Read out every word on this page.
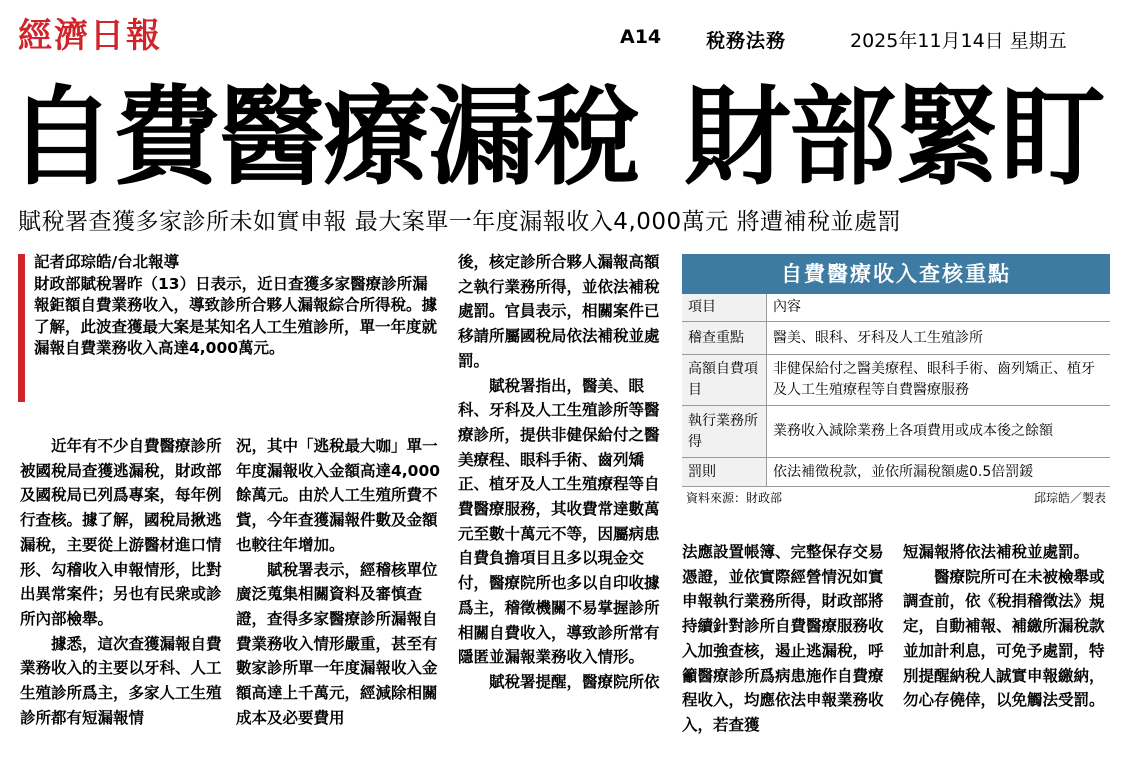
經濟日報	A14 稅務法務	2025年11月14日 星期五
自費醫療漏稅 財部緊盯
賦稅署查獲多家診所未如實申報 最大案單一年度漏報收入4,000萬元 將遭補稅並處罰

記者邱琮皓/台北報導

財政部賦稅署昨（13）日表示，近日查獲多家醫療診所漏報鉅額自費業務收入，導致診所合夥人漏報綜合所得稅。據了解，此波查獲最大案是某知名人工生殖診所，單一年度就漏報自費業務收入高達4,000萬元。

近年有不少自費醫療診所被國稅局查獲逃漏稅，財政部及國稅局已列爲專案，每年例行查核。據了解，國稅局揪逃漏稅，主要從上游醫材進口情形、勾稽收入申報情形，比對出異常案件；另也有民衆或診所內部檢舉。

據悉，這次查獲漏報自費業務收入的主要以牙科、人工生殖診所爲主，多家人工生殖診所都有短漏報情

況，其中「逃稅最大咖」單一年度漏報收入金額高達4,000餘萬元。由於人工生殖所費不貲，今年查獲漏報件數及金額也較往年增加。

賦稅署表示，經稽核單位廣泛蒐集相關資料及審慎查證，查得多家醫療診所漏報自費業務收入情形嚴重，甚至有數家診所單一年度漏報收入金額高達上千萬元，經減除相關成本及必要費用

後，核定診所合夥人漏報高額之執行業務所得，並依法補稅處罰。官員表示，相關案件已移請所屬國稅局依法補稅並處罰。

賦稅署指出，醫美、眼科、牙科及人工生殖診所等醫療診所，提供非健保給付之醫美療程、眼科手術、齒列矯正、植牙及人工生殖療程等自費醫療服務，其收費常達數萬元至數十萬元不等，因屬病患自費負擔項目且多以現金交付，醫療院所也多以自印收據爲主，稽徵機關不易掌握診所相關自費收入，導致診所常有隱匿並漏報業務收入情形。

賦稅署提醒，醫療院所依

法應設置帳簿、完整保存交易憑證，並依實際經營情況如實申報執行業務所得，財政部將持續針對診所自費醫療服務收入加強查核，遏止逃漏稅，呼籲醫療診所爲病患施作自費療程收入，均應依法申報業務收入，若查獲

短漏報將依法補稅並處罰。

醫療院所可在未被檢舉或調查前，依《稅捐稽徵法》規定，自動補報、補繳所漏稅款並加計利息，可免予處罰，特別提醒納稅人誠實申報繳納，勿心存僥倖，以免觸法受罰。

自費醫療收入查核重點
項目	內容
稽查重點	醫美、眼科、牙科及人工生殖診所
高額自費項目	非健保給付之醫美療程、眼科手術、齒列矯正、植牙及人工生殖療程等自費醫療服務
執行業務所得	業務收入減除業務上各項費用或成本後之餘額
罰則	依法補徵稅款，並依所漏稅額處0.5倍罰鍰
資料來源：財政部	邱琮皓／製表
